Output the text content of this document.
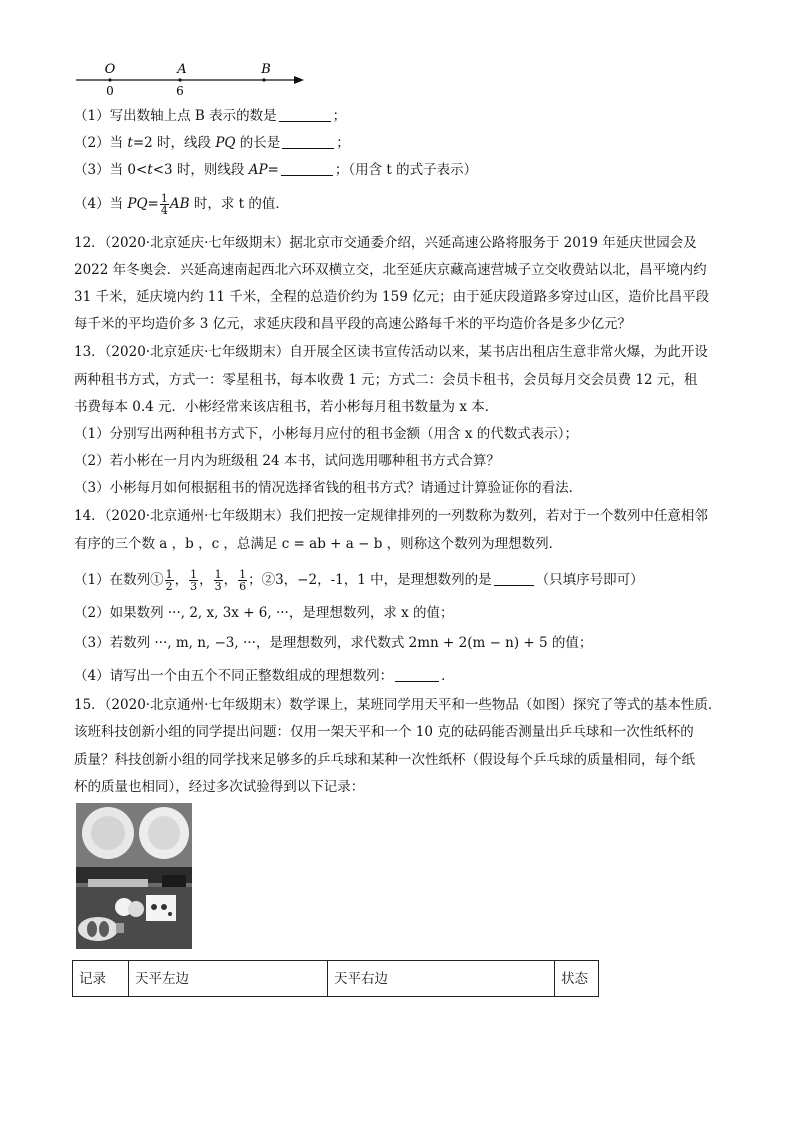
O	A	B
0	6
（1）写出数轴上点 B 表示的数是	；
（2）当 t=2 时，线段 PQ 的长是	；
（3）当 0<t<3 时，则线段 AP=	；（用含 t 的式子表示）
（4）当 $PQ= \frac{1}{4}$ AB 时，求 t 的值．
12．（2020·北京延庆·七年级期末）据北京市交通委介绍，兴延高速公路将服务于 2019 年延庆世园会及
2022 年冬奥会．兴延高速南起西北六环双横立交，北至延庆京藏高速营城子立交收费站以北，昌平境内约
31 千米，延庆境内约 11 千米，全程的总造价约为 159 亿元；由于延庆段道路多穿过山区，造价比昌平段
每千米的平均造价多 3 亿元，求延庆段和昌平段的高速公路每千米的平均造价各是多少亿元？
13．（2020·北京延庆·七年级期末）自开展全区读书宣传活动以来，某书店出租店生意非常火爆，为此开设
两种租书方式，方式一：零星租书，每本收费 1 元；方式二：会员卡租书，会员每月交会员费 12 元，租
书费每本 0.4 元．小彬经常来该店租书，若小彬每月租书数量为 x 本．
（1）分别写出两种租书方式下，小彬每月应付的租书金额（用含 x 的代数式表示）；
（2）若小彬在一月内为班级租 24 本书，试问选用哪种租书方式合算？
（3）小彬每月如何根据租书的情况选择省钱的租书方式？请通过计算验证你的看法．
14．（2020·北京通州·七年级期末）我们把按一定规律排列的一列数称为数列，若对于一个数列中任意相邻
有序的三个数 a ，b ，c ，总满足 c = ab + a − b ，则称这个数列为理想数列．
（1）在数列① $\frac{1}{2}$ ， $\frac{1}{3}$ ， $\frac{1}{3}$ ， $\frac{1}{6}$ ；②3，−2，-1，1 中，是理想数列的是	（只填序号即可）
（2）如果数列 ···, 2, x, 3x + 6, ···，是理想数列，求 x 的值；
（3）若数列 ···, m, n, −3, ···，是理想数列，求代数式 2mn + 2(m − n) + 5 的值；
（4）请写出一个由五个不同正整数组成的理想数列：	．
15．（2020·北京通州·七年级期末）数学课上，某班同学用天平和一些物品（如图）探究了等式的基本性质．
该班科技创新小组的同学提出问题：仅用一架天平和一个 10 克的砝码能否测量出乒乓球和一次性纸杯的
质量？科技创新小组的同学找来足够多的乒乓球和某种一次性纸杯（假设每个乒乓球的质量相同，每个纸
杯的质量也相同），经过多次试验得到以下记录：
记录	天平左边	天平右边	状态
